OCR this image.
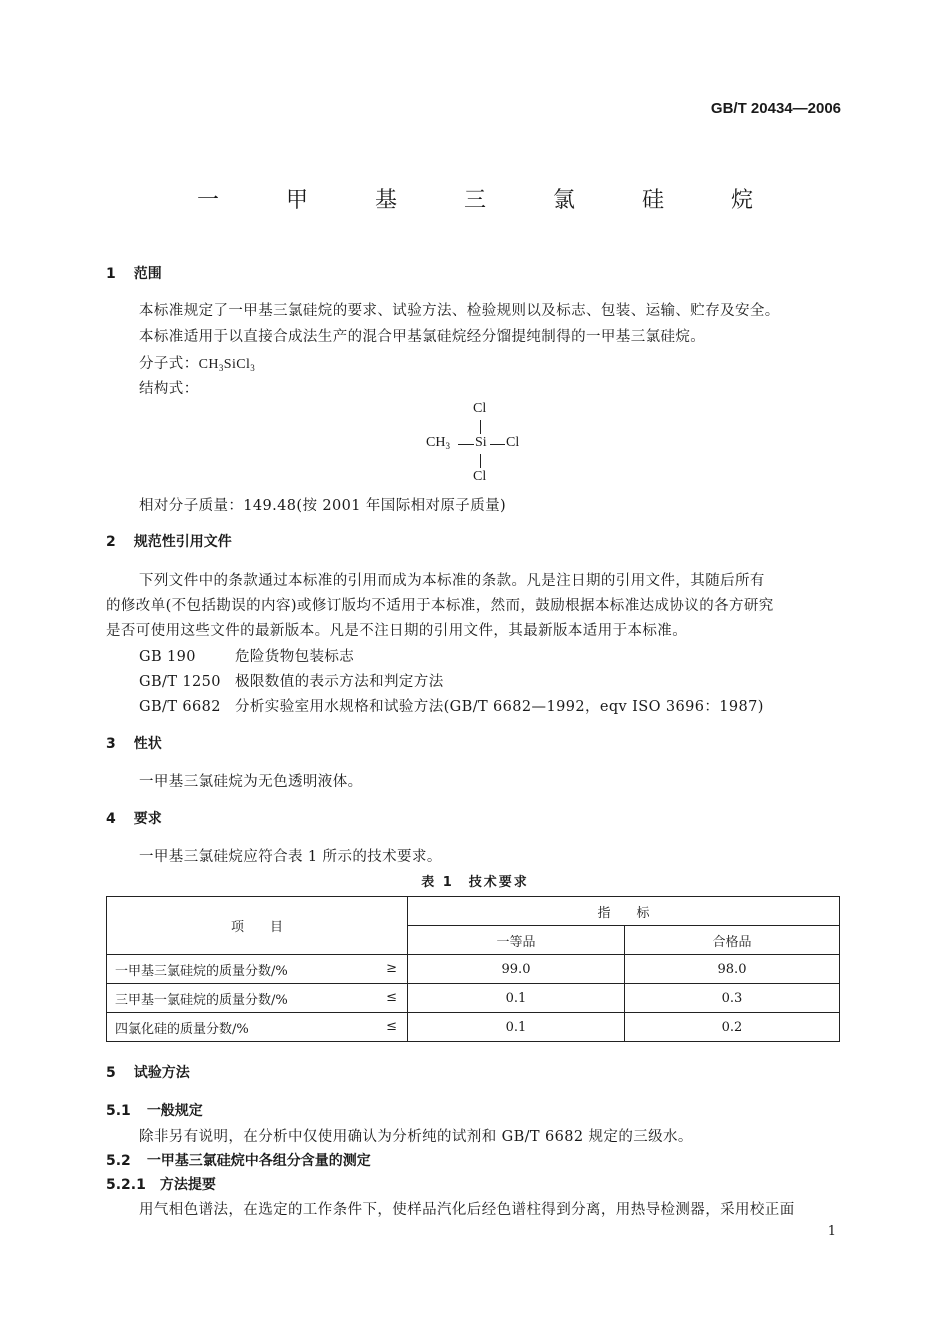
GB/T 20434—2006
一 甲 基 三 氯 硅 烷
1 范围
本标准规定了一甲基三氯硅烷的要求、试验方法、检验规则以及标志、包装、运输、贮存及安全。
本标准适用于以直接合成法生产的混合甲基氯硅烷经分馏提纯制得的一甲基三氯硅烷。
分子式：$CH_3SiCl_3$
结构式：
Cl
$CH_3$ Si Cl
Cl
相对分子质量：149.48(按 2001 年国际相对原子质量)
2 规范性引用文件
下列文件中的条款通过本标准的引用而成为本标准的条款。凡是注日期的引用文件，其随后所有
的修改单(不包括勘误的内容)或修订版均不适用于本标准，然而，鼓励根据本标准达成协议的各方研究
是否可使用这些文件的最新版本。凡是不注日期的引用文件，其最新版本适用于本标准。
GB 190	危险货物包装标志
GB/T 1250 极限数值的表示方法和判定方法
GB/T 6682 分析实验室用水规格和试验方法(GB/T 6682—1992，eqv ISO 3696：1987)
3 性状
一甲基三氯硅烷为无色透明液体。
4 要求
一甲基三氯硅烷应符合表 1 所示的技术要求。
表 1　技术要求
项　　目	指　　标	
	一等品	合格品
一甲基三氯硅烷的质量分数/% ≥	99.0	98.0
三甲基一氯硅烷的质量分数/% ≤	0.1	0.3
四氯化硅的质量分数/% ≤	0.1	0.2
5 试验方法
5.1 一般规定
除非另有说明，在分析中仅使用确认为分析纯的试剂和 GB/T 6682 规定的三级水。
5.2 一甲基三氯硅烷中各组分含量的测定
5.2.1 方法提要
用气相色谱法，在选定的工作条件下，使样品汽化后经色谱柱得到分离，用热导检测器，采用校正面
1
